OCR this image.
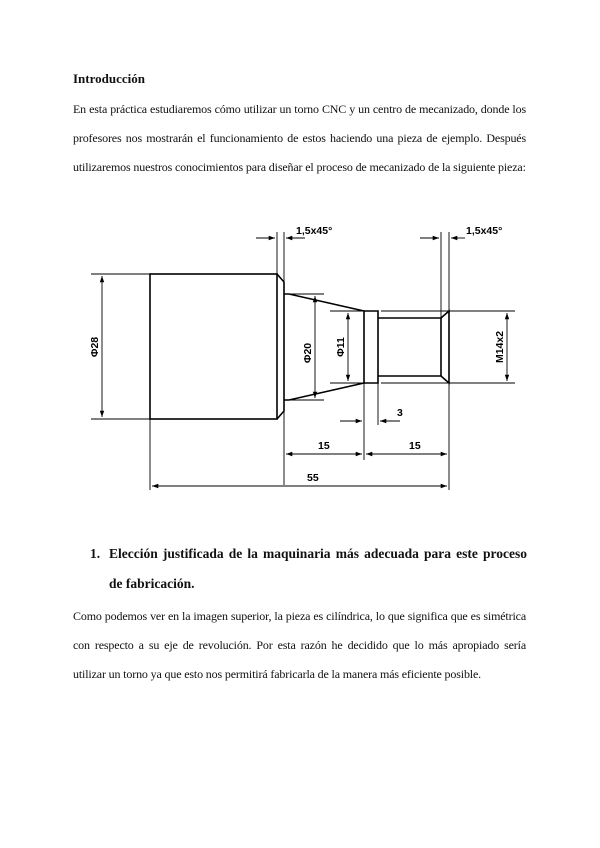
Introducción

En esta práctica estudiaremos cómo utilizar un torno CNC y un centro de mecanizado, donde los profesores nos mostrarán el funcionamiento de estos haciendo una pieza de ejemplo. Después utilizaremos nuestros conocimientos para diseñar el proceso de mecanizado de la siguiente pieza:

1,5x45°	1,5x45°
Φ28	Φ20 Φ11	M14x2
3
15	15
55
1. Elección justificada de la maquinaria más adecuada para este proceso de fabricación.

Como podemos ver en la imagen superior, la pieza es cilíndrica, lo que significa que es simétrica con respecto a su eje de revolución. Por esta razón he decidido que lo más apropiado sería utilizar un torno ya que esto nos permitirá fabricarla de la manera más eficiente posible.
